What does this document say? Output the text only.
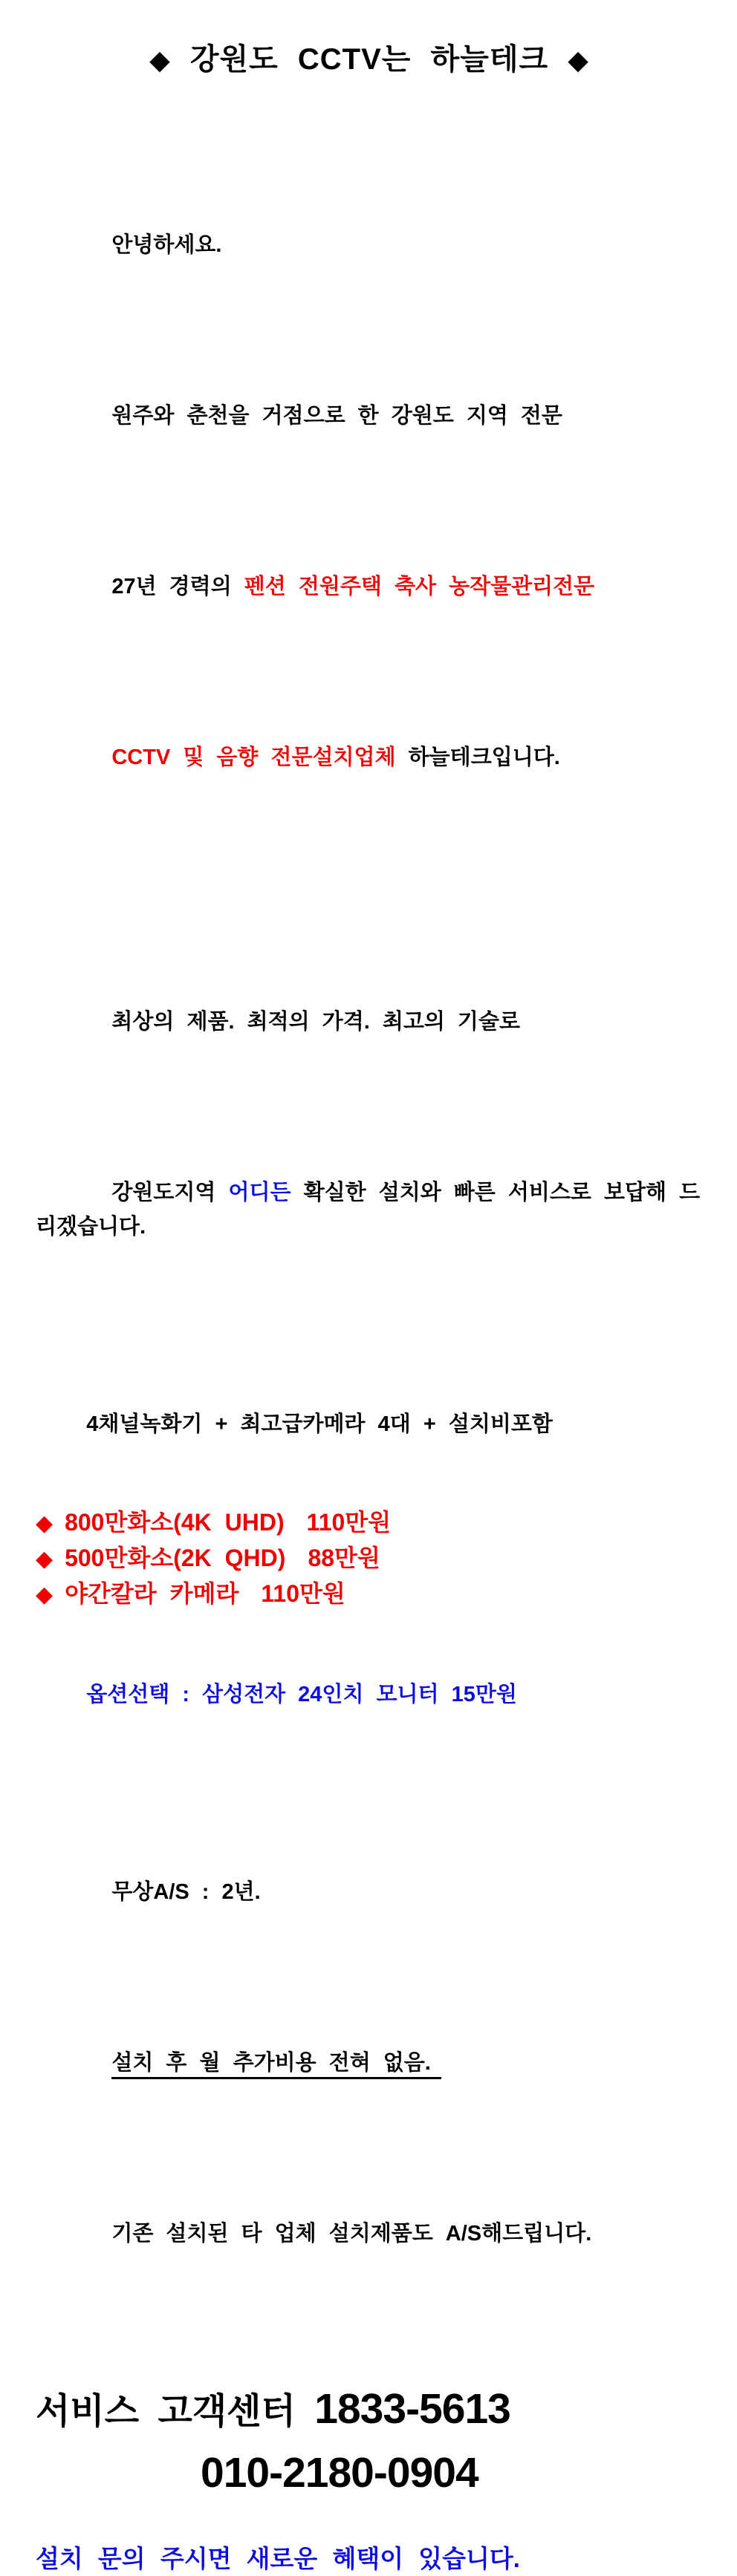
◆ 강원도 CCTV는 하늘테크 ◆

안녕하세요.

원주와 춘천을 거점으로 한 강원도 지역 전문

27년 경력의 펜션 전원주택 축사 농작물관리전문

CCTV 및 음향 전문설치업체 하늘테크입니다.

최상의 제품. 최적의 가격. 최고의 기술로

강원도지역 어디든 확실한 설치와 빠른 서비스로 보답해 드리겠습니다.

4채널녹화기 + 최고급카메라 4대 + 설치비포함

◆ 800만화소(4K UHD) 110만원
◆ 500만화소(2K QHD) 88만원
◆ 야간칼라 카메라 110만원

옵션선택 : 삼성전자 24인치 모니터 15만원

무상A/S : 2년.

설치 후 월 추가비용 전혀 없음.

기존 설치된 타 업체 설치제품도 A/S해드립니다.

서비스 고객센터 1833-5613
010-2180-0904
설치 문의 주시면 새로운 혜택이 있습니다.
